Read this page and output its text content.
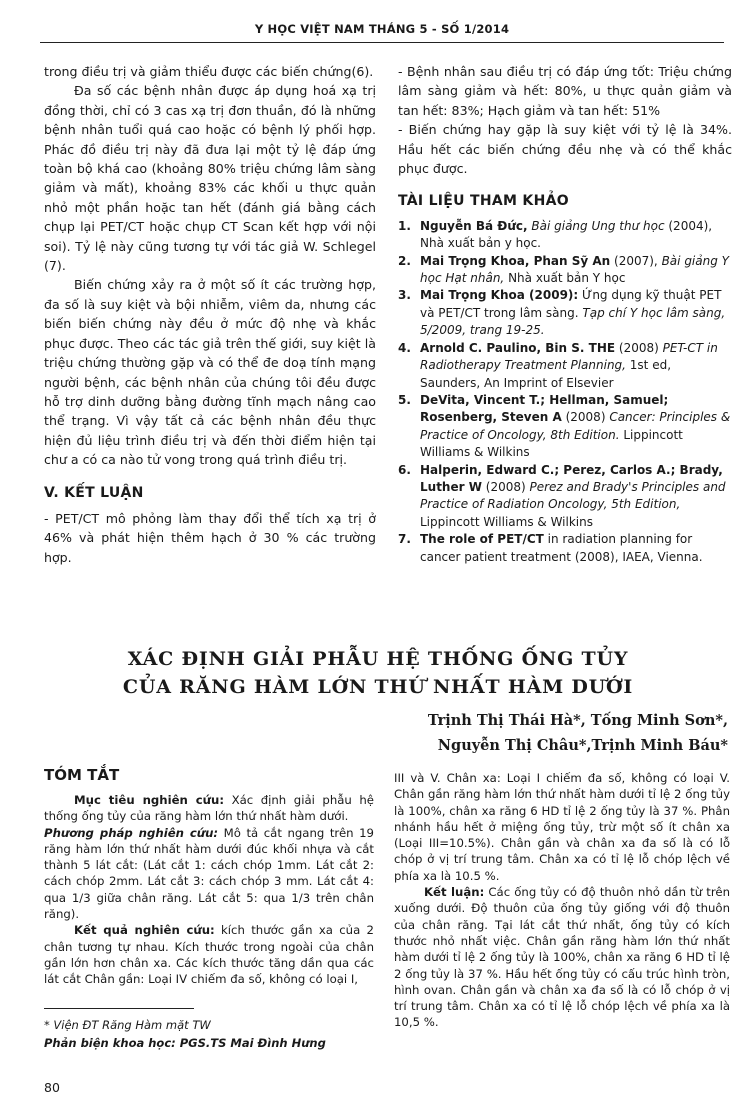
Y HỌC VIỆT NAM THÁNG 5 - SỐ 1/2014

trong điều trị và giảm thiểu được các biến chứng(6).

Đa số các bệnh nhân được áp dụng hoá xạ trị đồng thời, chỉ có 3 cas xạ trị đơn thuần, đó là những bệnh nhân tuổi quá cao hoặc có bệnh lý phối hợp. Phác đồ điều trị này đã đưa lại một tỷ lệ đáp ứng toàn bộ khá cao (khoảng 80% triệu chứng lâm sàng giảm và mất), khoảng 83% các khối u thực quản nhỏ một phần hoặc tan hết (đánh giá bằng cách chụp lại PET/CT hoặc chụp CT Scan kết hợp với nội soi). Tỷ lệ này cũng tương tự với tác giả W. Schlegel (7).

Biến chứng xảy ra ở một số ít các trường hợp, đa số là suy kiệt và bội nhiễm, viêm da, nhưng các biến biến chứng này đều ở mức độ nhẹ và khắc phục được. Theo các tác giả trên thế giới, suy kiệt là triệu chứng thường gặp và có thể đe doạ tính mạng người bệnh, các bệnh nhân của chúng tôi đều được hỗ trợ dinh dưỡng bằng đường tĩnh mạch nâng cao thể trạng. Vì vậy tất cả các bệnh nhân đều thực hiện đủ liệu trình điều trị và đến thời điểm hiện tại chư a có ca nào tử vong trong quá trình điều trị.

V. KẾT LUẬN

- PET/CT mô phỏng làm thay đổi thể tích xạ trị ở 46% và phát hiện thêm hạch ở 30 % các trường hợp.

- Bệnh nhân sau điều trị có đáp ứng tốt: Triệu chứng lâm sàng giảm và hết: 80%, u thực quản giảm và tan hết: 83%; Hạch giảm và tan hết: 51%

- Biến chứng hay gặp là suy kiệt với tỷ lệ là 34%. Hầu hết các biến chứng đều nhẹ và có thể khắc phục được.

TÀI LIỆU THAM KHẢO
1. Nguyễn Bá Đức, Bài giảng Ung thư học (2004), Nhà xuất bản y học.
2. Mai Trọng Khoa, Phan Sỹ An (2007), Bài giảng Y học Hạt nhân, Nhà xuất bản Y học
3. Mai Trọng Khoa (2009): Ứng dụng kỹ thuật PET và PET/CT trong lâm sàng. Tạp chí Y học lâm sàng, 5/2009, trang 19-25.
4. Arnold C. Paulino, Bin S. THE (2008) PET-CT in Radiotherapy Treatment Planning, 1st ed, Saunders, An Imprint of Elsevier
5. DeVita, Vincent T.; Hellman, Samuel; Rosenberg, Steven A (2008) Cancer: Principles & Practice of Oncology, 8th Edition. Lippincott Williams & Wilkins
6. Halperin, Edward C.; Perez, Carlos A.; Brady, Luther W (2008) Perez and Brady's Principles and Practice of Radiation Oncology, 5th Edition, Lippincott Williams & Wilkins
7. The role of PET/CT in radiation planning for cancer patient treatment (2008), IAEA, Vienna.
XÁC ĐỊNH GIẢI PHẪU HỆ THỐNG ỐNG TỦY
CỦA RĂNG HÀM LỚN THỨ NHẤT HÀM DƯỚI
Trịnh Thị Thái Hà*, Tống Minh Sơn*,
Nguyễn Thị Châu*,Trịnh Minh Báu*
TÓM TẮT

Mục tiêu nghiên cứu: Xác định giải phẫu hệ thống ống tủy của răng hàm lớn thứ nhất hàm dưới.

Phương pháp nghiên cứu: Mô tả cắt ngang trên 19 răng hàm lớn thứ nhất hàm dưới đúc khối nhựa và cắt thành 5 lát cắt: (Lát cắt 1: cách chóp 1mm. Lát cắt 2: cách chóp 2mm. Lát cắt 3: cách chóp 3 mm. Lát cắt 4: qua 1/3 giữa chân răng. Lát cắt 5: qua 1/3 trên chân răng).

Kết quả nghiên cứu: kích thước gần xa của 2 chân tương tự nhau. Kích thước trong ngoài của chân gần lớn hơn chân xa. Các kích thước tăng dần qua các lát cắt Chân gần: Loại IV chiếm đa số, không có loại I,

III và V. Chân xa: Loại I chiếm đa số, không có loại V. Chân gần răng hàm lớn thứ nhất hàm dưới tỉ lệ 2 ống tủy là 100%, chân xa răng 6 HD tỉ lệ 2 ống tủy là 37 %. Phân nhánh hầu hết ở miệng ống tủy, trừ một số ít chân xa (Loại III=10.5%). Chân gần và chân xa đa số là có lỗ chóp ở vị trí trung tâm. Chân xa có tỉ lệ lỗ chóp lệch về phía xa là 10.5 %.

Kết luận: Các ống tủy có độ thuôn nhỏ dần từ trên xuống dưới. Độ thuôn của ống tủy giống với độ thuôn của chân răng. Tại lát cắt thứ nhất, ống tủy có kích thước nhỏ nhất việc. Chân gần răng hàm lớn thứ nhất hàm dưới tỉ lệ 2 ống tủy là 100%, chân xa răng 6 HD tỉ lệ 2 ống tủy là 37 %. Hầu hết ống tủy có cấu trúc hình tròn, hình ovan. Chân gần và chân xa đa số là có lỗ chóp ở vị trí trung tâm. Chân xa có tỉ lệ lỗ chóp lệch về phía xa là 10,5 %.

* Viện ĐT Răng Hàm mặt TW
Phản biện khoa học: PGS.TS Mai Đình Hưng
80
